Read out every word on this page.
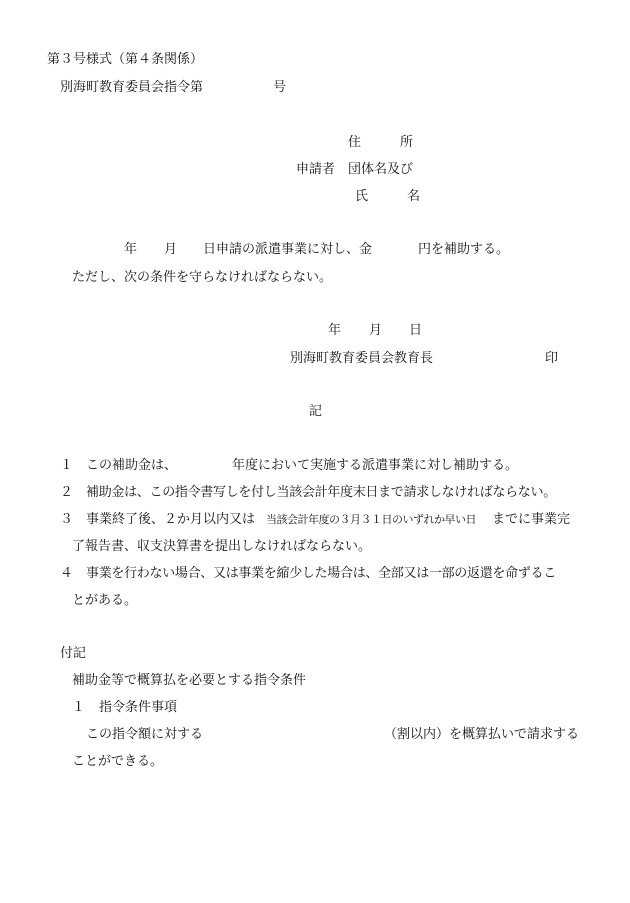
第３号様式（第４条関係）
別海町教育委員会指令第	号
住　　　所
申請者 団体名及び
氏　　　名
年 月 日申請の派遣事業に対し、金	円を補助する。
ただし、次の条件を守らなければならない。
年 月 日
別海町教育委員会教育長	印
記
１ この補助金は、	年度において実施する派遣事業に対し補助する。
２ 補助金は、この指令書写しを付し当該会計年度末日まで請求しなければならない。
３ 事業終了後、２か月以内又は 当該会計年度の３月３１日のいずれか早い日 までに事業完
了報告書、収支決算書を提出しなければならない。
４ 事業を行わない場合、又は事業を縮少した場合は、全部又は一部の返還を命ずるこ
とがある。
付記
補助金等で概算払を必要とする指令条件
１ 指令条件事項
この指令額に対する	（割以内）を概算払いで請求する
ことができる。
